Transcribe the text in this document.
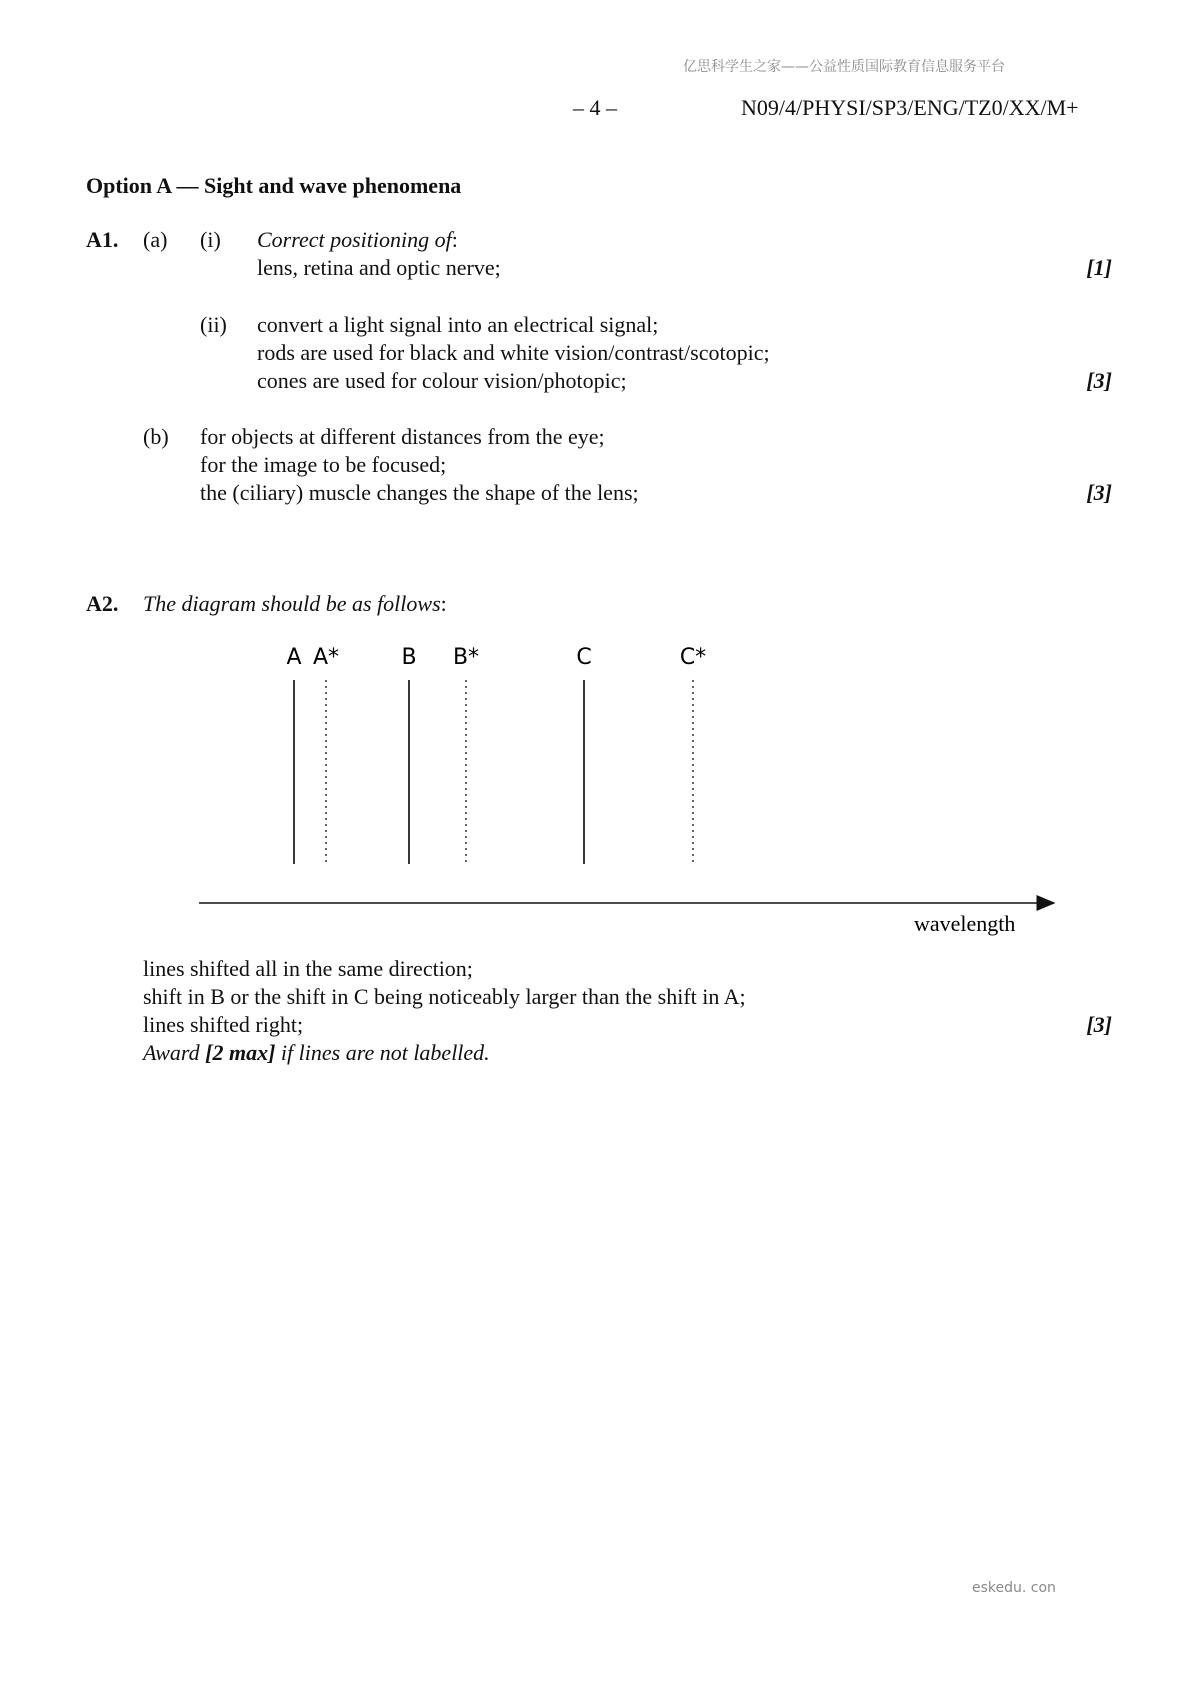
亿思科学生之家——公益性质国际教育信息服务平台
– 4 –	N09/4/PHYSI/SP3/ENG/TZ0/XX/M+
Option A — Sight and wave phenomena
A1. (a) (i) Correct positioning of:
lens, retina and optic nerve;	[1]
(ii) convert a light signal into an electrical signal;
rods are used for black and white vision/contrast/scotopic;
cones are used for colour vision/photopic;	[3]
(b) for objects at different distances from the eye;
for the image to be focused;
the (ciliary) muscle changes the shape of the lens;	[3]
A2. The diagram should be as follows:
A A*	B B*	C	C*
wavelength
lines shifted all in the same direction;
shift in B or the shift in C being noticeably larger than the shift in A;
lines shifted right;	[3]
Award [2 max] if lines are not labelled.
eskedu. con
